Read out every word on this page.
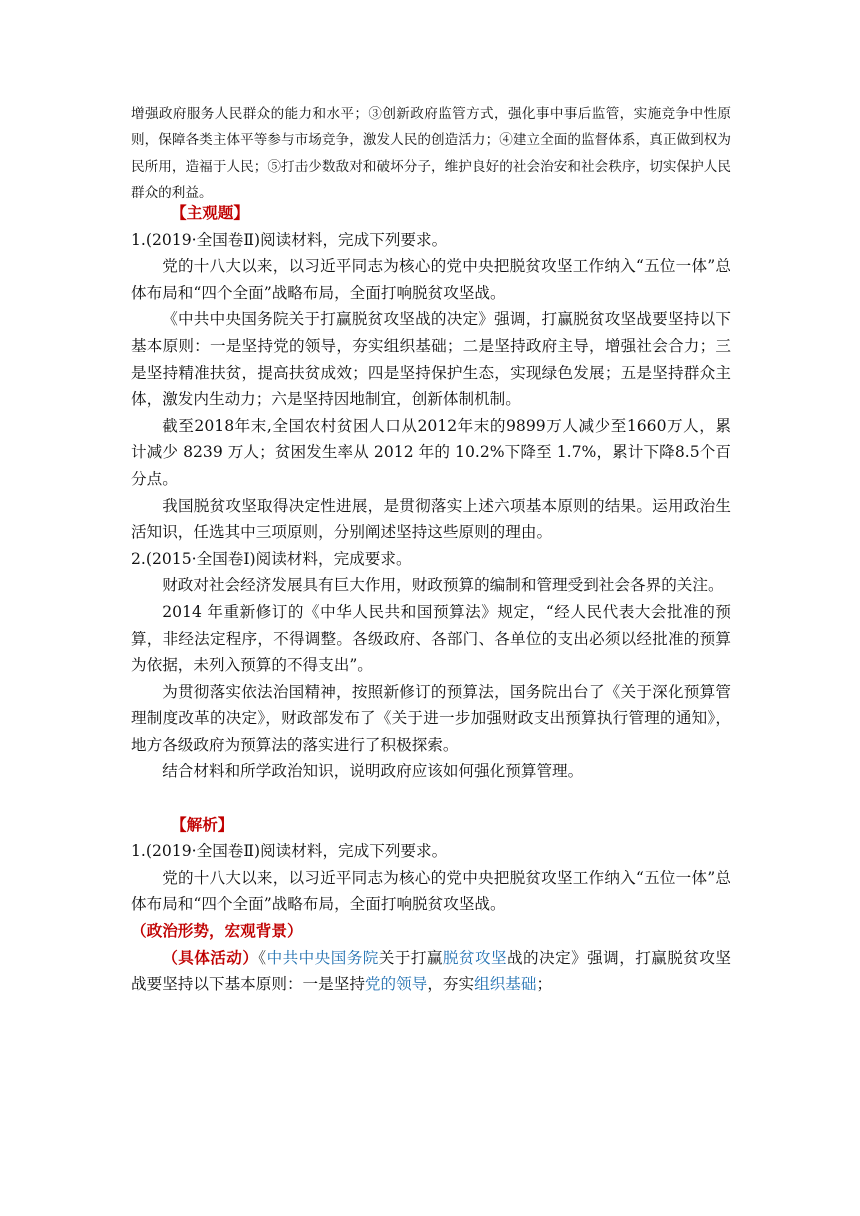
增强政府服务人民群众的能力和水平；③创新政府监管方式，强化事中事后监管，实施竞争中性原则，保障各类主体平等参与市场竞争，激发人民的创造活力；④建立全面的监督体系，真正做到权为民所用，造福于人民；⑤打击少数敌对和破坏分子，维护良好的社会治安和社会秩序，切实保护人民群众的利益。

【主观题】

1.(2019·全国卷Ⅱ)阅读材料，完成下列要求。

党的十八大以来，以习近平同志为核心的党中央把脱贫攻坚工作纳入“五位一体”总体布局和“四个全面”战略布局，全面打响脱贫攻坚战。

《中共中央国务院关于打赢脱贫攻坚战的决定》强调，打赢脱贫攻坚战要坚持以下基本原则：一是坚持党的领导，夯实组织基础；二是坚持政府主导，增强社会合力；三是坚持精准扶贫，提高扶贫成效；四是坚持保护生态，实现绿色发展；五是坚持群众主体，激发内生动力；六是坚持因地制宜，创新体制机制。

截至2018年末,全国农村贫困人口从2012年末的9899万人减少至1660万人，累计减少 8239 万人；贫困发生率从 2012 年的 10.2%下降至 1.7%，累计下降8.5个百分点。

我国脱贫攻坚取得决定性进展，是贯彻落实上述六项基本原则的结果。运用政治生活知识，任选其中三项原则，分别阐述坚持这些原则的理由。

2.(2015·全国卷Ⅰ)阅读材料，完成要求。

财政对社会经济发展具有巨大作用，财政预算的编制和管理受到社会各界的关注。

2014 年重新修订的《中华人民共和国预算法》规定，“经人民代表大会批准的预算，非经法定程序，不得调整。各级政府、各部门、各单位的支出必须以经批准的预算为依据，未列入预算的不得支出”。

为贯彻落实依法治国精神，按照新修订的预算法，国务院出台了《关于深化预算管理制度改革的决定》，财政部发布了《关于进一步加强财政支出预算执行管理的通知》，地方各级政府为预算法的落实进行了积极探索。

结合材料和所学政治知识，说明政府应该如何强化预算管理。

【解析】

1.(2019·全国卷Ⅱ)阅读材料，完成下列要求。

党的十八大以来，以习近平同志为核心的党中央把脱贫攻坚工作纳入“五位一体”总体布局和“四个全面”战略布局，全面打响脱贫攻坚战。

（政治形势，宏观背景）

（具体活动）《中共中央国务院关于打赢脱贫攻坚战的决定》强调，打赢脱贫攻坚战要坚持以下基本原则：一是坚持党的领导，夯实组织基础；
